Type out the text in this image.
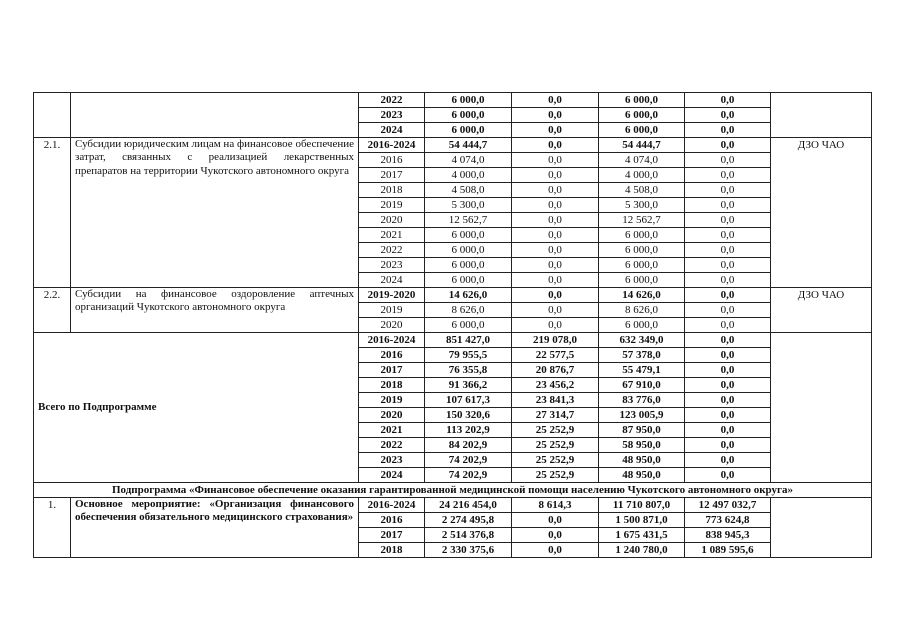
		2022	6 000,0	0,0	6 000,0	0,0	
		2023	6 000,0	0,0	6 000,0	0,0	
		2024	6 000,0	0,0	6 000,0	0,0	
2.1.	Субсидии юридическим лицам на финансовое обеспечение затрат, связанных с реализацией лекарственных препаратов на территории Чукотского автономного округа	2016-2024	54 444,7	0,0	54 444,7	0,0	ДЗО ЧАО
		2016	4 074,0	0,0	4 074,0	0,0	
		2017	4 000,0	0,0	4 000,0	0,0	
		2018	4 508,0	0,0	4 508,0	0,0	
		2019	5 300,0	0,0	5 300,0	0,0	
		2020	12 562,7	0,0	12 562,7	0,0	
		2021	6 000,0	0,0	6 000,0	0,0	
		2022	6 000,0	0,0	6 000,0	0,0	
		2023	6 000,0	0,0	6 000,0	0,0	
		2024	6 000,0	0,0	6 000,0	0,0	
2.2.	Субсидии на финансовое оздоровление аптечных организаций Чукотского автономного округа	2019-2020	14 626,0	0,0	14 626,0	0,0	ДЗО ЧАО
		2019	8 626,0	0,0	8 626,0	0,0	
		2020	6 000,0	0,0	6 000,0	0,0	
Всего по Подпрограмме		2016-2024	851 427,0	219 078,0	632 349,0	0,0	
		2016	79 955,5	22 577,5	57 378,0	0,0	
		2017	76 355,8	20 876,7	55 479,1	0,0	
		2018	91 366,2	23 456,2	67 910,0	0,0	
		2019	107 617,3	23 841,3	83 776,0	0,0	
		2020	150 320,6	27 314,7	123 005,9	0,0	
		2021	113 202,9	25 252,9	87 950,0	0,0	
		2022	84 202,9	25 252,9	58 950,0	0,0	
		2023	74 202,9	25 252,9	48 950,0	0,0	
		2024	74 202,9	25 252,9	48 950,0	0,0	
Подпрограмма «Финансовое обеспечение оказания гарантированной медицинской помощи населению Чукотского автономного округа»							
1.	Основное мероприятие: «Организация финансового обеспечения обязательного медицинского страхования»	2016-2024	24 216 454,0	8 614,3	11 710 807,0	12 497 032,7	
		2016	2 274 495,8	0,0	1 500 871,0	773 624,8	
		2017	2 514 376,8	0,0	1 675 431,5	838 945,3	
		2018	2 330 375,6	0,0	1 240 780,0	1 089 595,6	
